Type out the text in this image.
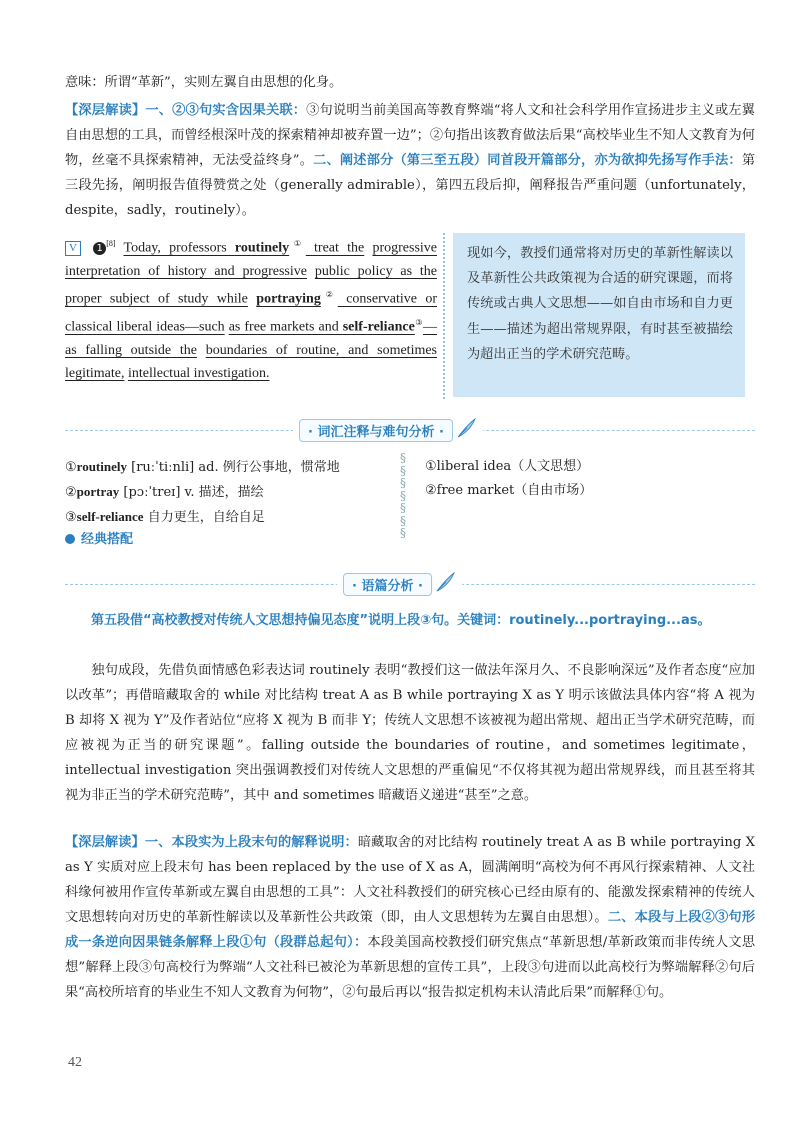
意味：所谓“革新”，实则左翼自由思想的化身。

【深层解读】一、②③句实含因果关联：③句说明当前美国高等教育弊端“将人文和社会科学用作宣扬进步主义或左翼自由思想的工具，而曾经根深叶茂的探索精神却被弃置一边”；②句指出该教育做法后果“高校毕业生不知人文教育为何物，丝毫不具探索精神，无法受益终身”。二、阐述部分（第三至五段）同首段开篇部分，亦为欲抑先扬写作手法：第三段先扬，阐明报告值得赞赏之处（generally admirable），第四五段后抑，阐释报告严重问题（unfortunately，despite，sadly，routinely）。

V 1 [8] Today, professors routinely① treat the progressive interpretation of history and progressive public policy as the proper subject of study while portraying② conservative or classical liberal ideas—such as free markets and self-reliance③—as falling outside the boundaries of routine, and sometimes legitimate, intellectual investigation.
现如今，教授们通常将对历史的革新性解读以及革新性公共政策视为合适的研究课题，而将传统或古典人文思想——如自由市场和自力更生——描述为超出常规界限，有时甚至被描绘为超出正当的学术研究范畴。
· 词汇注释与难句分析 ·
①routinely [ruːˈtiːnli] ad. 例行公事地，惯常地
②portray [pɔːˈtreɪ] v. 描述，描绘
③self-reliance 自力更生，自给自足
§
§
§
§
§
§
§
①liberal idea（人文思想）
②free market（自由市场）
经典搭配
· 语篇分析 ·

第五段借“高校教授对传统人文思想持偏见态度”说明上段③句。关键词：routinely...portraying...as。

独句成段，先借负面情感色彩表达词 routinely 表明“教授们这一做法年深月久、不良影响深远”及作者态度“应加以改革”；再借暗藏取舍的 while 对比结构 treat A as B while portraying X as Y 明示该做法具体内容“将 A 视为 B 却将 X 视为 Y”及作者站位“应将 X 视为 B 而非 Y；传统人文思想不该被视为超出常规、超出正当学术研究范畴，而应被视为正当的研究课题”。falling outside the boundaries of routine，and sometimes legitimate，intellectual investigation 突出强调教授们对传统人文思想的严重偏见“不仅将其视为超出常规界线，而且甚至将其视为非正当的学术研究范畴”，其中 and sometimes 暗藏语义递进“甚至”之意。

【深层解读】一、本段实为上段末句的解释说明：暗藏取舍的对比结构 routinely treat A as B while portraying X as Y 实质对应上段末句 has been replaced by the use of X as A，圆满阐明“高校为何不再风行探索精神、人文社科缘何被用作宣传革新或左翼自由思想的工具”：人文社科教授们的研究核心已经由原有的、能激发探索精神的传统人文思想转向对历史的革新性解读以及革新性公共政策（即，由人文思想转为左翼自由思想）。二、本段与上段②③句形成一条逆向因果链条解释上段①句（段群总起句）：本段美国高校教授们研究焦点“革新思想/革新政策而非传统人文思想”解释上段③句高校行为弊端“人文社科已被沦为革新思想的宣传工具”，上段③句进而以此高校行为弊端解释②句后果“高校所培育的毕业生不知人文教育为何物”，②句最后再以“报告拟定机构未认清此后果”而解释①句。

42
